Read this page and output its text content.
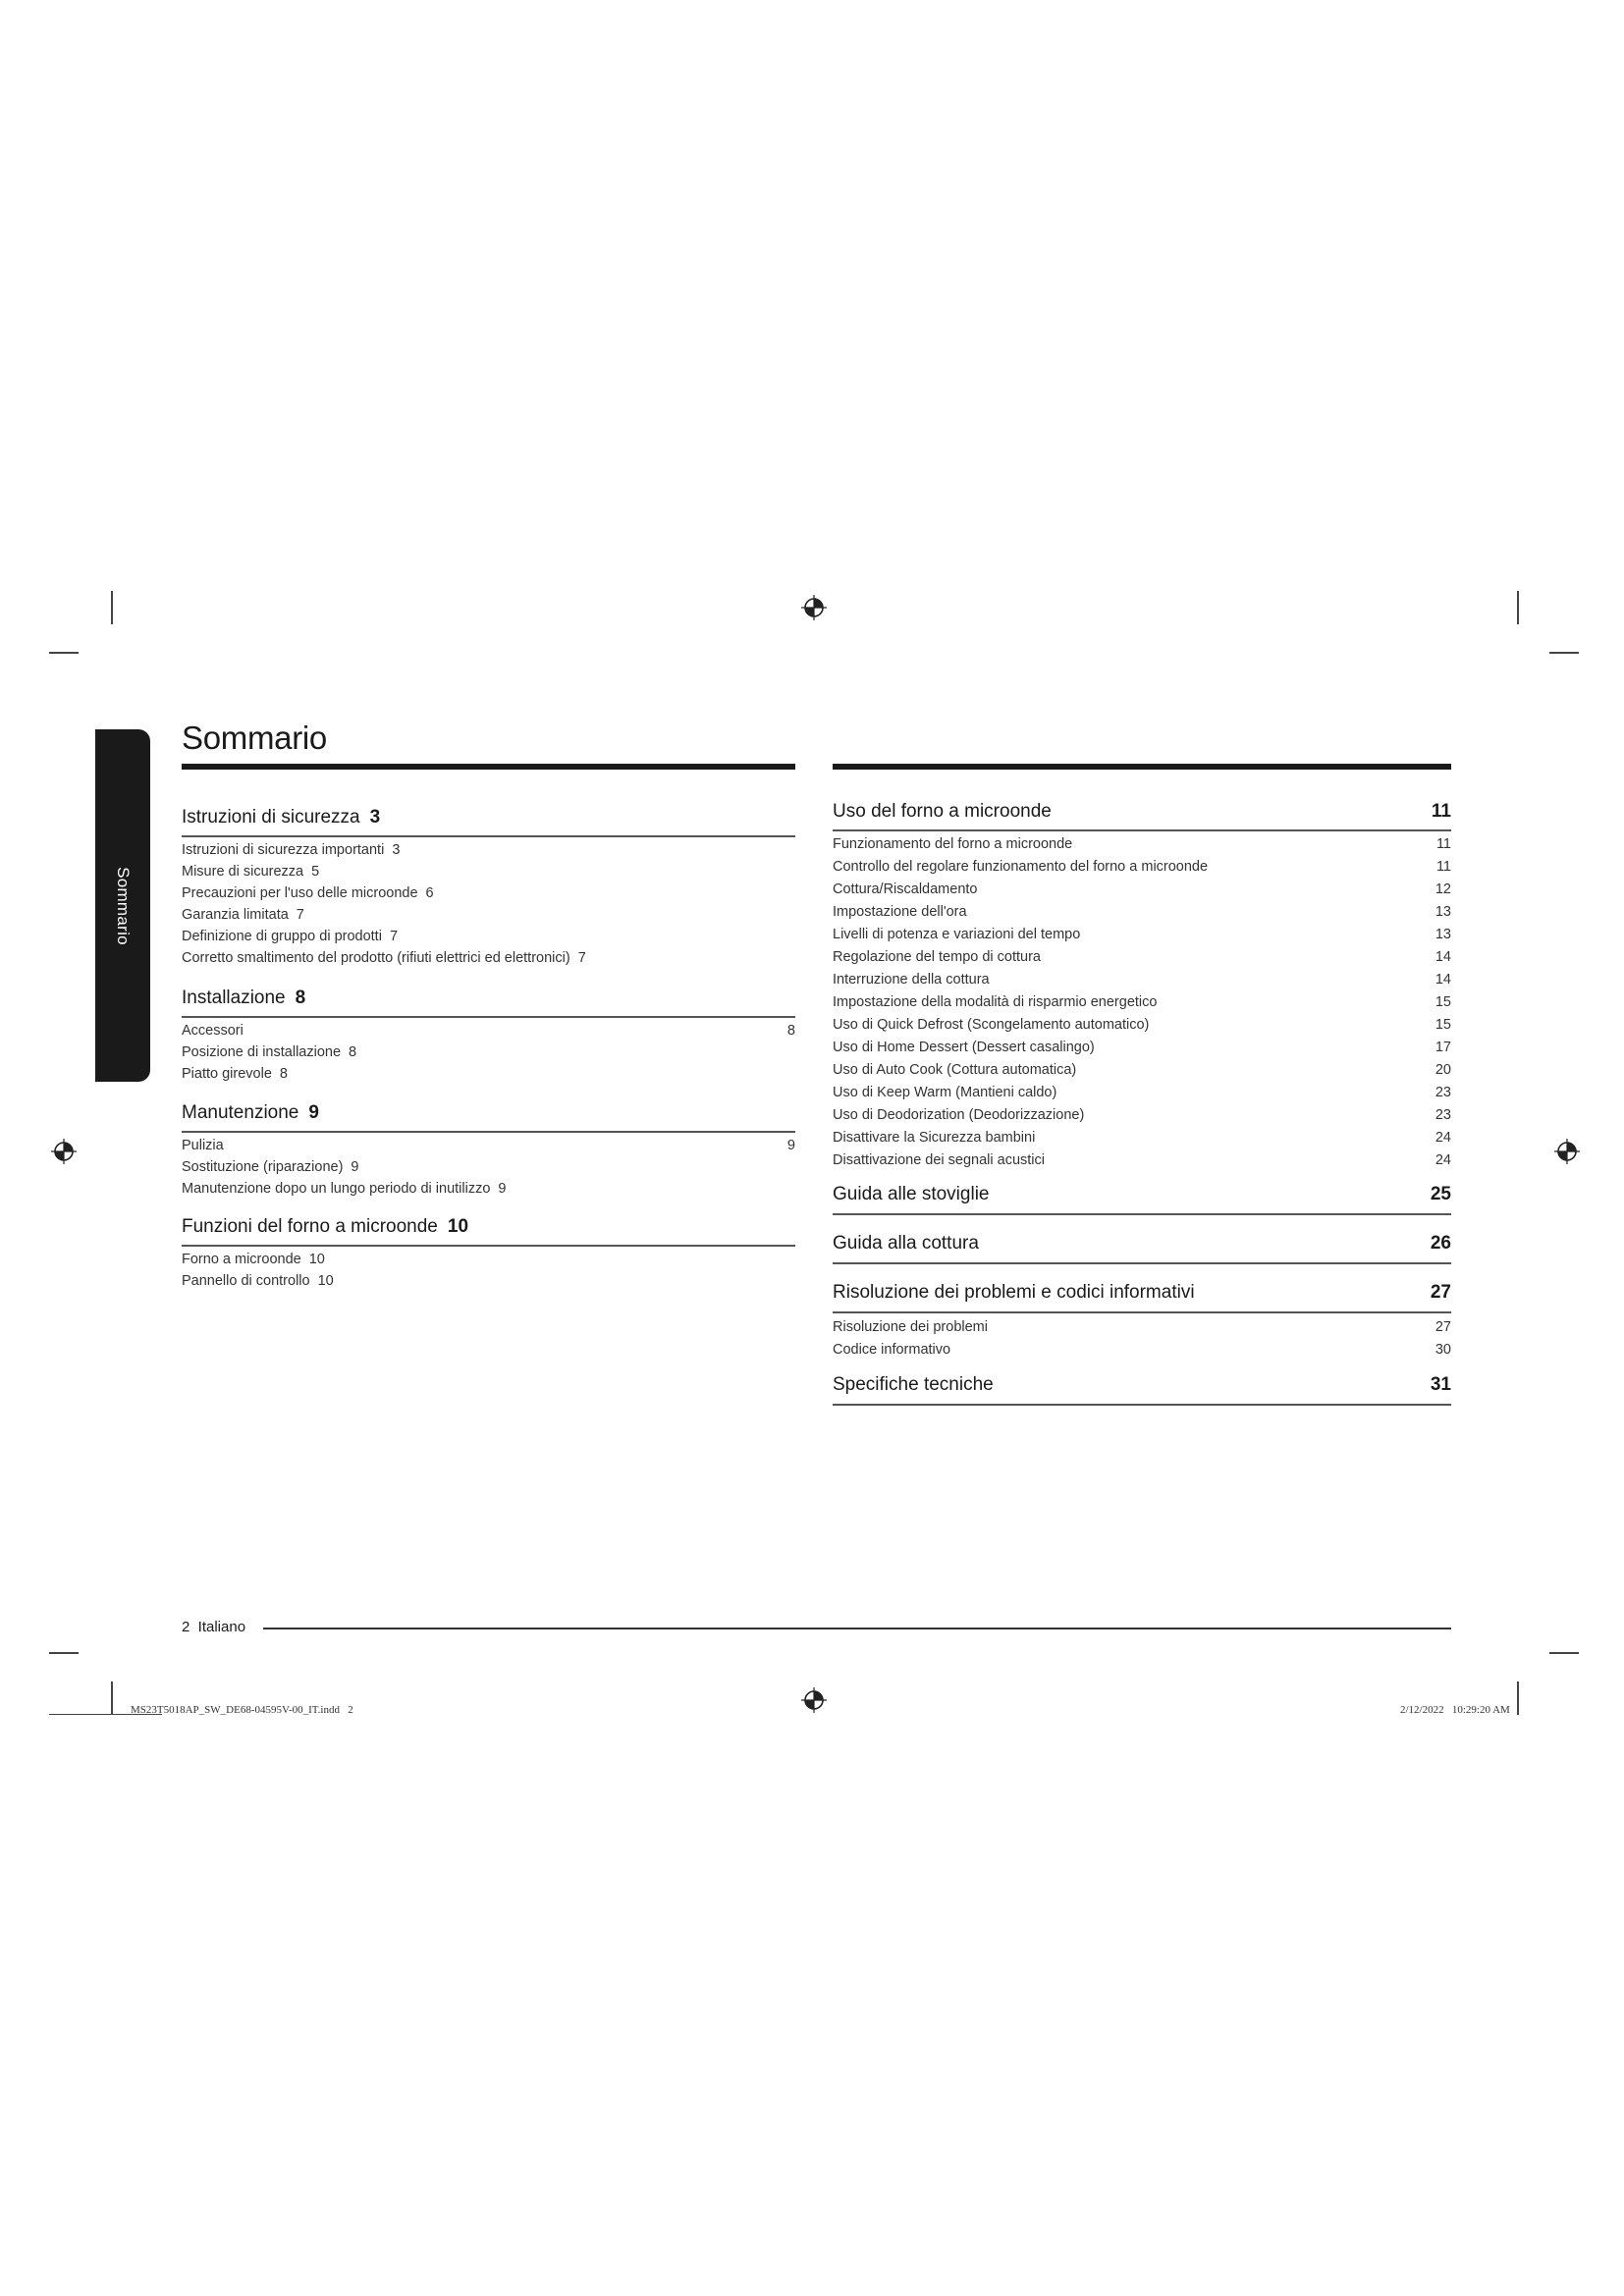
Sommario
Sommario
Istruzioni di sicurezza 3
Istruzioni di sicurezza importanti 3
Misure di sicurezza 5
Precauzioni per l'uso delle microonde 6
Garanzia limitata 7
Definizione di gruppo di prodotti 7
Corretto smaltimento del prodotto (rifiuti elettrici ed elettronici) 7
Installazione 8
Accessori	8
Posizione di installazione 8
Piatto girevole 8
Manutenzione 9
Pulizia	9
Sostituzione (riparazione) 9
Manutenzione dopo un lungo periodo di inutilizzo 9
Funzioni del forno a microonde 10
Forno a microonde 10
Pannello di controllo 10
Uso del forno a microonde	11
Funzionamento del forno a microonde	11
Controllo del regolare funzionamento del forno a microonde	11
Cottura/Riscaldamento	12
Impostazione dell'ora	13
Livelli di potenza e variazioni del tempo	13
Regolazione del tempo di cottura	14
Interruzione della cottura	14
Impostazione della modalità di risparmio energetico	15
Uso di Quick Defrost (Scongelamento automatico)	15
Uso di Home Dessert (Dessert casalingo)	17
Uso di Auto Cook (Cottura automatica)	20
Uso di Keep Warm (Mantieni caldo)	23
Uso di Deodorization (Deodorizzazione)	23
Disattivare la Sicurezza bambini	24
Disattivazione dei segnali acustici	24
Guida alle stoviglie	25
Guida alla cottura	26
Risoluzione dei problemi e codici informativi	27
Risoluzione dei problemi	27
Codice informativo	30
Specifiche tecniche	31
2  Italiano
MS23T5018AP_SW_DE68-04595V-00_IT.indd   2	2/12/2022   10:29:20 AM
